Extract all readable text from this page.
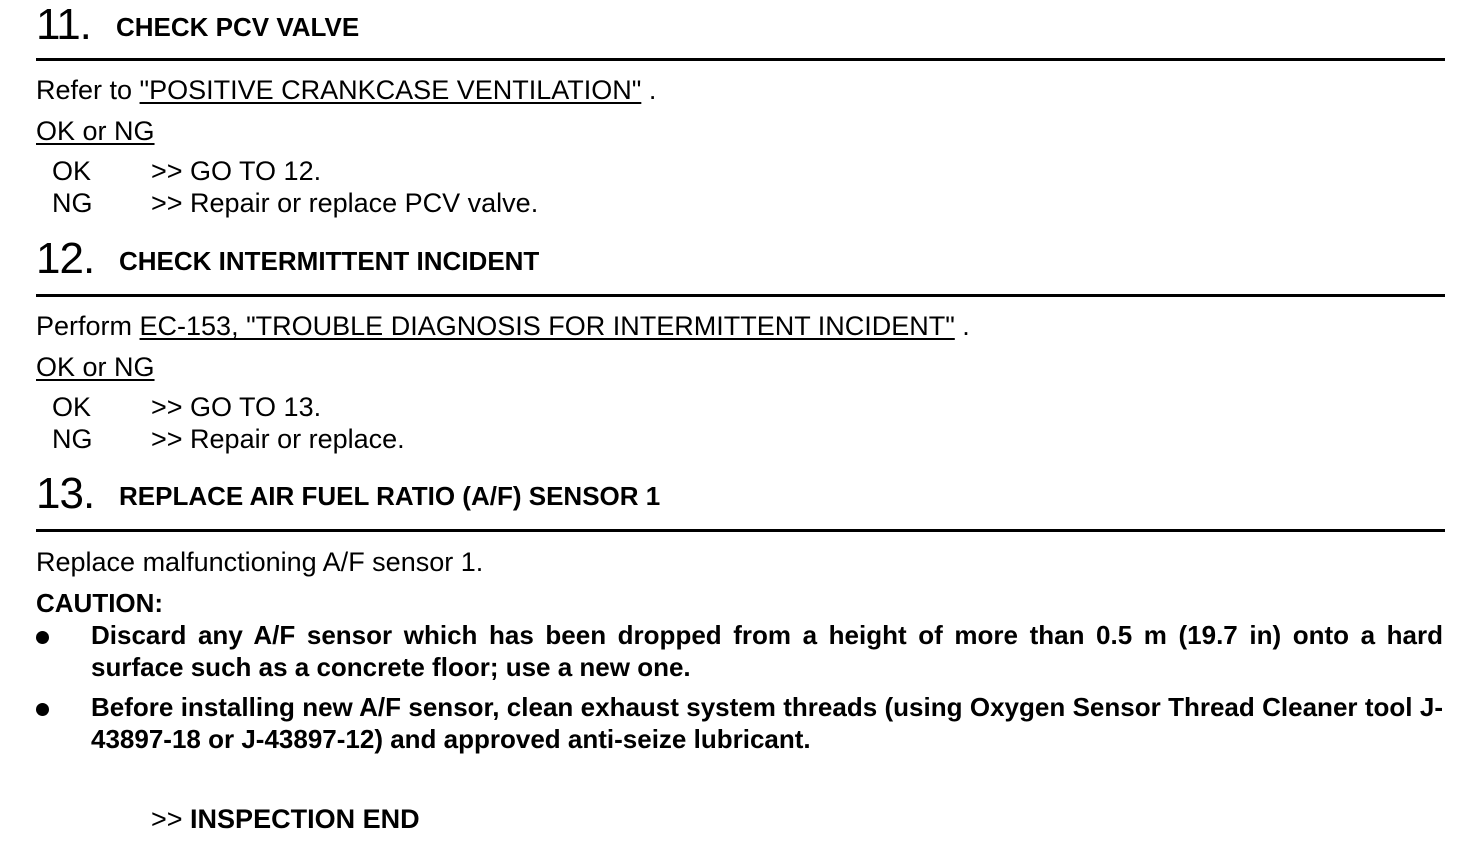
11. CHECK PCV VALVE
Refer to "POSITIVE CRANKCASE VENTILATION" .
OK or NG
OK >> GO TO 12.
NG >> Repair or replace PCV valve.
12. CHECK INTERMITTENT INCIDENT
Perform EC-153, "TROUBLE DIAGNOSIS FOR INTERMITTENT INCIDENT" .
OK or NG
OK >> GO TO 13.
NG >> Repair or replace.
13. REPLACE AIR FUEL RATIO (A/F) SENSOR 1
Replace malfunctioning A/F sensor 1.
CAUTION:
Discard any A/F sensor which has been dropped from a height of more than 0.5 m (19.7 in) onto a hard surface such as a concrete floor; use a new one.
Before installing new A/F sensor, clean exhaust system threads (using Oxygen Sensor Thread Cleaner tool J-43897-18 or J-43897-12) and approved anti-seize lubricant.
>> INSPECTION END
